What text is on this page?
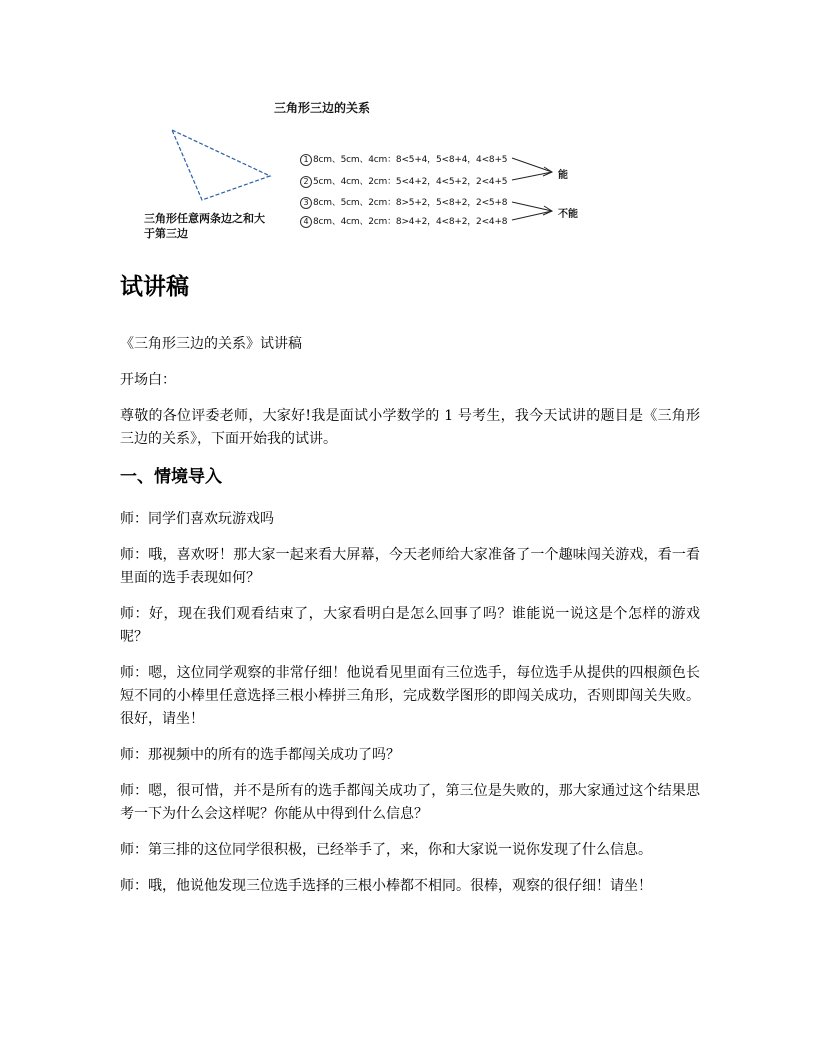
三角形三边的关系
三角形任意两条边之和大于第三边
1 8cm、5cm、4cm：8<5+4，5<8+4，4<8+5
2 5cm、4cm、2cm：5<4+2，4<5+2，2<4+5
3 8cm、5cm、2cm：8>5+2，5<8+2，2<5+8
4 8cm、4cm、2cm：8>4+2，4<8+2，2<4+8
能
不能
试讲稿

《三角形三边的关系》试讲稿

开场白：

尊敬的各位评委老师，大家好!我是面试小学数学的 1 号考生，我今天试讲的题目是《三角形三边的关系》，下面开始我的试讲。

一、情境导入

师：同学们喜欢玩游戏吗

师：哦，喜欢呀！那大家一起来看大屏幕，今天老师给大家准备了一个趣味闯关游戏，看一看里面的选手表现如何？

师：好，现在我们观看结束了，大家看明白是怎么回事了吗？谁能说一说这是个怎样的游戏呢？

师：嗯，这位同学观察的非常仔细！他说看见里面有三位选手，每位选手从提供的四根颜色长短不同的小棒里任意选择三根小棒拼三角形，完成数学图形的即闯关成功，否则即闯关失败。很好，请坐！

师：那视频中的所有的选手都闯关成功了吗？

师：嗯，很可惜，并不是所有的选手都闯关成功了，第三位是失败的，那大家通过这个结果思考一下为什么会这样呢？你能从中得到什么信息？

师：第三排的这位同学很积极，已经举手了，来，你和大家说一说你发现了什么信息。

师：哦，他说他发现三位选手选择的三根小棒都不相同。很棒，观察的很仔细！请坐！
